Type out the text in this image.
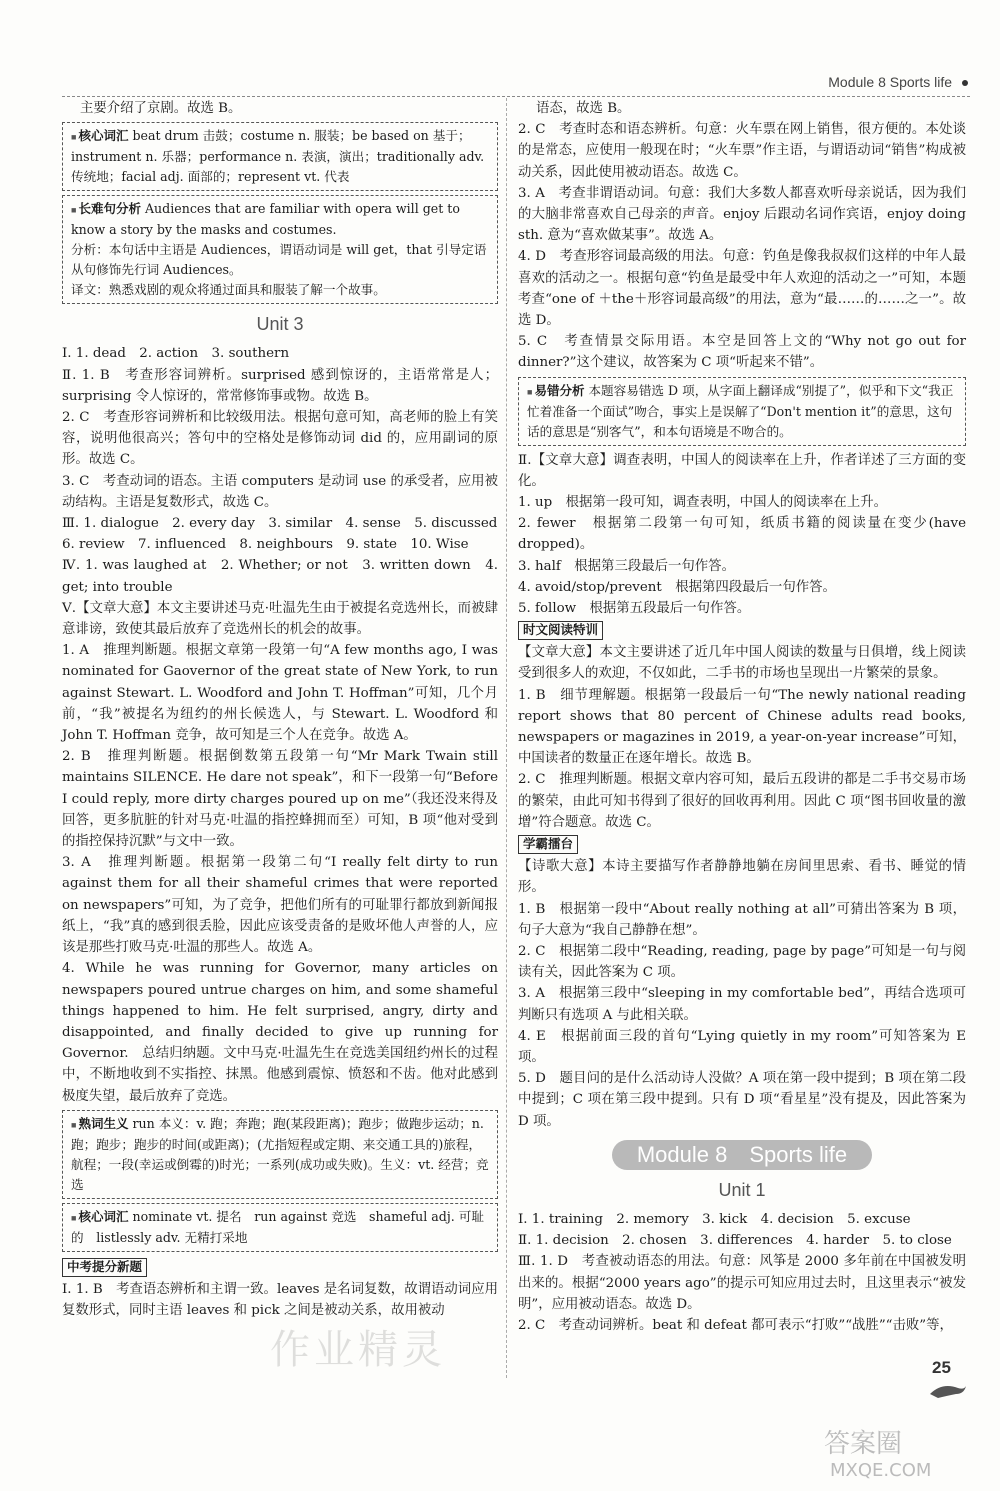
Module 8 Sports life

主要介绍了京剧。故选 B。

■ 核心词汇 beat drum 击鼓；costume n. 服装；be based on 基于；instrument n. 乐器；performance n. 表演，演出；traditionally adv. 传统地；facial adj. 面部的；represent vt. 代表
■ 长难句分析 Audiences that are familiar with opera will get to know a story by the masks and costumes.
分析：本句话中主语是 Audiences，谓语动词是 will get，that 引导定语从句修饰先行词 Audiences。
译文：熟悉戏剧的观众将通过面具和服装了解一个故事。
Unit 3

Ⅰ. 1. dead　2. action　3. southern

Ⅱ. 1. B　考查形容词辨析。surprised 感到惊讶的，主语常常是人；surprising 令人惊讶的，常常修饰事或物。故选 B。

2. C　考查形容词辨析和比较级用法。根据句意可知，高老师的脸上有笑容，说明他很高兴；答句中的空格处是修饰动词 did 的，应用副词的原形。故选 C。

3. C　考查动词的语态。主语 computers 是动词 use 的承受者，应用被动结构。主语是复数形式，故选 C。

Ⅲ. 1. dialogue　2. every day　3. similar　4. sense　5. discussed

6. review　7. influenced　8. neighbours　9. state　10. Wise

Ⅳ. 1. was laughed at　2. Whether; or not　3. written down　4. get; into trouble

Ⅴ.【文章大意】本文主要讲述马克·吐温先生由于被提名竞选州长，而被肆意诽谤，致使其最后放弃了竞选州长的机会的故事。

1. A　推理判断题。根据文章第一段第一句“A few months ago, I was nominated for Gaovernor of the great state of New York, to run against Stewart. L. Woodford and John T. Hoffman”可知，几个月前，“我”被提名为纽约的州长候选人，与 Stewart. L. Woodford 和 John T. Hoffman 竞争，故可知是三个人在竞争。故选 A。

2. B　推理判断题。根据倒数第五段第一句“Mr Mark Twain still maintains SILENCE. He dare not speak”，和下一段第一句“Before I could reply, more dirty charges poured up on me”（我还没来得及回答，更多肮脏的针对马克·吐温的指控蜂拥而至）可知，B 项“他对受到的指控保持沉默”与文中一致。

3. A　推理判断题。根据第一段第二句“I really felt dirty to run against them for all their shameful crimes that were reported on newspapers”可知，为了竞争，把他们所有的可耻罪行都放到新闻报纸上，“我”真的感到很丢脸，因此应该受责备的是败坏他人声誉的人，应该是那些打败马克·吐温的那些人。故选 A。

4. While he was running for Governor, many articles on newspapers poured untrue charges on him, and some shameful things happened to him. He felt surprised, angry, dirty and disappointed, and finally decided to give up running for Governor.　总结归纳题。文中马克·吐温先生在竞选美国纽约州长的过程中，不断地收到不实指控、抹黑。他感到震惊、愤怒和不齿。他对此感到极度失望，最后放弃了竞选。

■ 熟词生义 run 本义：v. 跑；奔跑；跑(某段距离)；跑步；做跑步运动；n. 跑；跑步；跑步的时间(或距离)；(尤指短程或定期、来交通工具的)旅程，航程；一段(幸运或倒霉的)时光；一系列(成功或失败)。生义：vt. 经营；竞选
■ 核心词汇 nominate vt. 提名　run against 竞选　shameful adj. 可耻的　listlessly adv. 无精打采地
中考提分新题

Ⅰ. 1. B　考查语态辨析和主谓一致。leaves 是名词复数，故谓语动词应用复数形式，同时主语 leaves 和 pick 之间是被动关系，故用被动

语态，故选 B。

2. C　考查时态和语态辨析。句意：火车票在网上销售，很方便的。本处谈的是常态，应使用一般现在时；“火车票”作主语，与谓语动词“销售”构成被动关系，因此使用被动语态。故选 C。

3. A　考查非谓语动词。句意：我们大多数人都喜欢听母亲说话，因为我们的大脑非常喜欢自己母亲的声音。enjoy 后跟动名词作宾语，enjoy doing sth. 意为“喜欢做某事”。故选 A。

4. D　考查形容词最高级的用法。句意：钓鱼是像我叔叔们这样的中年人最喜欢的活动之一。根据句意“钓鱼是最受中年人欢迎的活动之一”可知，本题考查“one of ＋the＋形容词最高级”的用法，意为“最……的……之一”。故选 D。

5. C　考查情景交际用语。本空是回答上文的“Why not go out for dinner?”这个建议，故答案为 C 项“听起来不错”。

■ 易错分析 本题容易错选 D 项，从字面上翻译成“别提了”，似乎和下文“我正忙着准备一个面试”吻合，事实上是误解了“Don't mention it”的意思，这句话的意思是“别客气”，和本句语境是不吻合的。

Ⅱ.【文章大意】调查表明，中国人的阅读率在上升，作者详述了三方面的变化。

1. up　根据第一段可知，调查表明，中国人的阅读率在上升。

2. fewer　根据第二段第一句可知，纸质书籍的阅读量在变少(have dropped)。

3. half　根据第三段最后一句作答。

4. avoid/stop/prevent　根据第四段最后一句作答。

5. follow　根据第五段最后一句作答。

时文阅读特训

【文章大意】本文主要讲述了近几年中国人阅读的数量与日俱增，线上阅读受到很多人的欢迎，不仅如此，二手书的市场也呈现出一片繁荣的景象。

1. B　细节理解题。根据第一段最后一句“The newly national reading report shows that 80 percent of Chinese adults read books, newspapers or magazines in 2019, a year-on-year increase”可知，中国读者的数量正在逐年增长。故选 B。

2. C　推理判断题。根据文章内容可知，最后五段讲的都是二手书交易市场的繁荣，由此可知书得到了很好的回收再利用。因此 C 项“图书回收量的激增”符合题意。故选 C。

学霸擂台

【诗歌大意】本诗主要描写作者静静地躺在房间里思索、看书、睡觉的情形。

1. B　根据第一段中“About really nothing at all”可猜出答案为 B 项，句子大意为“我自己静静在想”。

2. C　根据第二段中“Reading, reading, page by page”可知是一句与阅读有关，因此答案为 C 项。

3. A　根据第三段中“sleeping in my comfortable bed”，再结合选项可判断只有选项 A 与此相关联。

4. E　根据前面三段的首句“Lying quietly in my room”可知答案为 E 项。

5. D　题目问的是什么活动诗人没做？A 项在第一段中提到；B 项在第二段中提到；C 项在第三段中提到。只有 D 项“看星星”没有提及，因此答案为 D 项。

Module 8　Sports life
Unit 1

Ⅰ. 1. training　2. memory　3. kick　4. decision　5. excuse

Ⅱ. 1. decision　2. chosen　3. differences　4. harder　5. to close

Ⅲ. 1. D　考查被动语态的用法。句意：风筝是 2000 多年前在中国被发明出来的。根据“2000 years ago”的提示可知应用过去时，且这里表示“被发明”，应用被动语态。故选 D。

2. C　考查动词辨析。beat 和 defeat 都可表示“打败”“战胜”“击败”等，

作业精灵	25
答案圈
MXQE.COM
